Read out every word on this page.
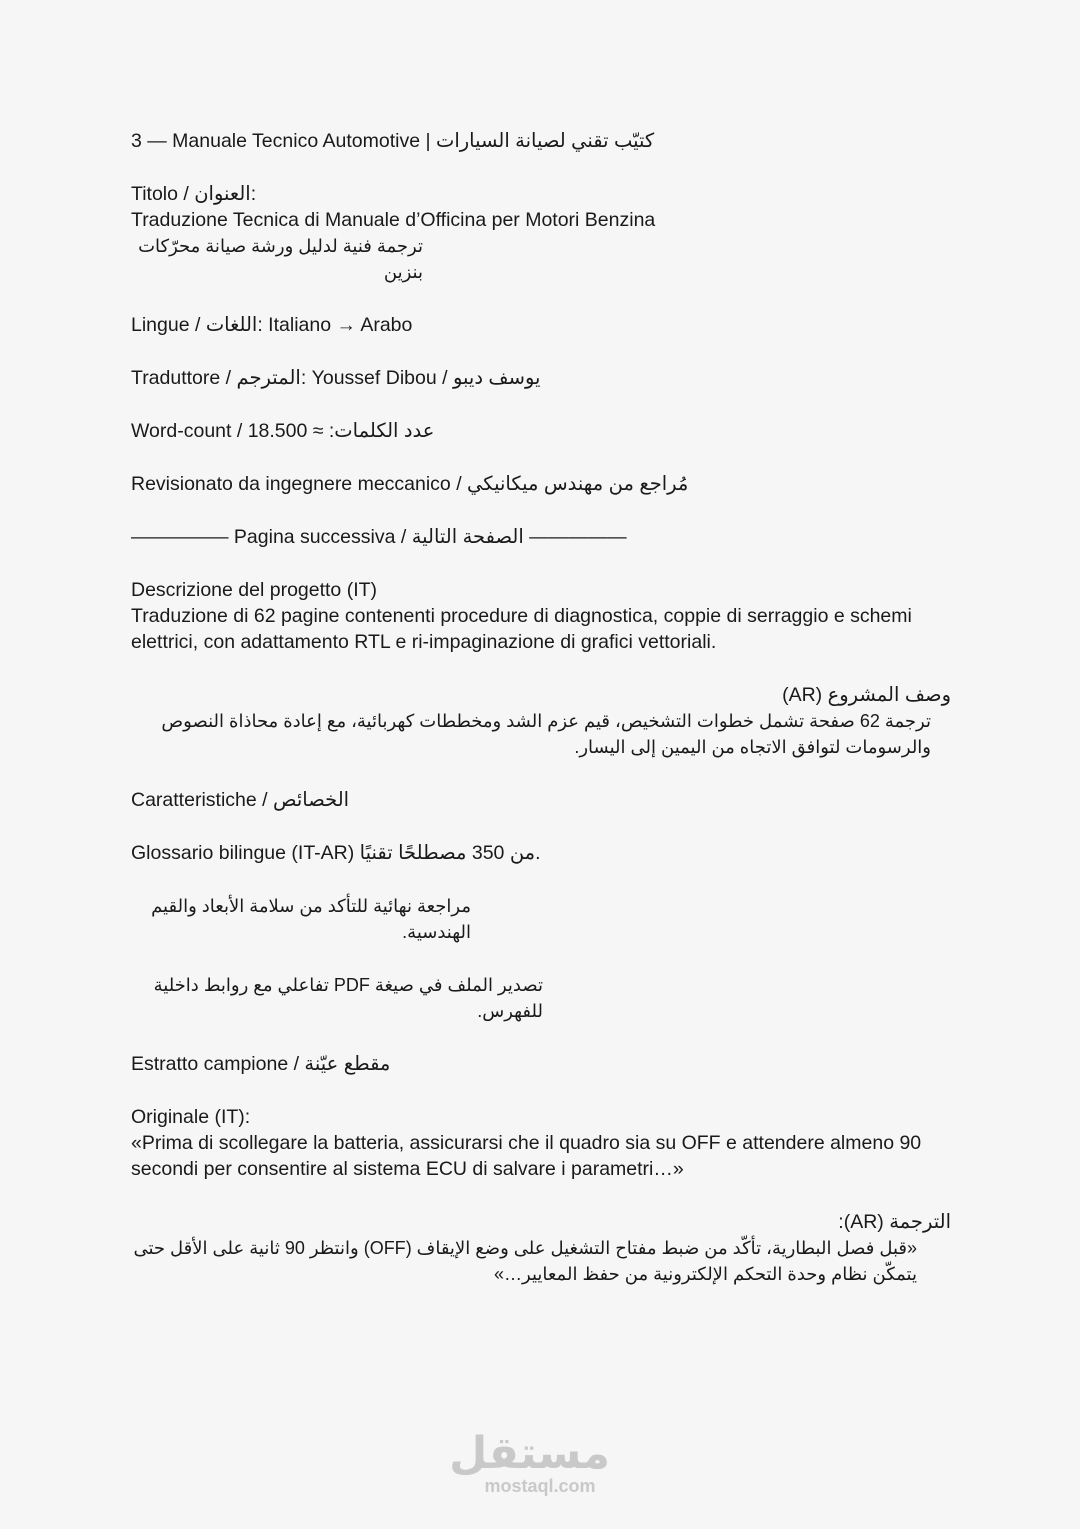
3 — Manuale Tecnico Automotive | كتيّب تقني لصيانة السيارات

Titolo / العنوان:

Traduzione Tecnica di Manuale d’Officina per Motori Benzina

ترجمة فنية لدليل ورشة صيانة محرّكات بنزين

Lingue / اللغات: Italiano → Arabo

Traduttore / المترجم: Youssef Dibou / يوسف ديبو

Word-count / عدد الكلمات: ≈ 18.500

Revisionato da ingegnere meccanico / مُراجع من مهندس ميكانيكي

————— Pagina successiva / الصفحة التالية —————

Descrizione del progetto (IT)

Traduzione di 62 pagine contenenti procedure di diagnostica, coppie di serraggio e schemi elettrici, con adattamento RTL e ri-impaginazione di grafici vettoriali.

وصف المشروع (AR)

ترجمة 62 صفحة تشمل خطوات التشخيص، قيم عزم الشد ومخططات كهربائية، مع إعادة محاذاة النصوص والرسومات لتوافق الاتجاه من اليمين إلى اليسار.

Caratteristiche / الخصائص

Glossario bilingue (IT-AR) من 350 مصطلحًا تقنيًا.

مراجعة نهائية للتأكد من سلامة الأبعاد والقيم الهندسية.

تصدير الملف في صيغة PDF تفاعلي مع روابط داخلية للفهرس.

Estratto campione / مقطع عيّنة

Originale (IT):

«Prima di scollegare la batteria, assicurarsi che il quadro sia su OFF e attendere almeno 90 secondi per consentire al sistema ECU di salvare i parametri…»

الترجمة (AR):

«قبل فصل البطارية، تأكّد من ضبط مفتاح التشغيل على وضع الإيقاف (OFF) وانتظر 90 ثانية على الأقل حتى يتمكّن نظام وحدة التحكم الإلكترونية من حفظ المعايير…»

مستقل
mostaql.com
